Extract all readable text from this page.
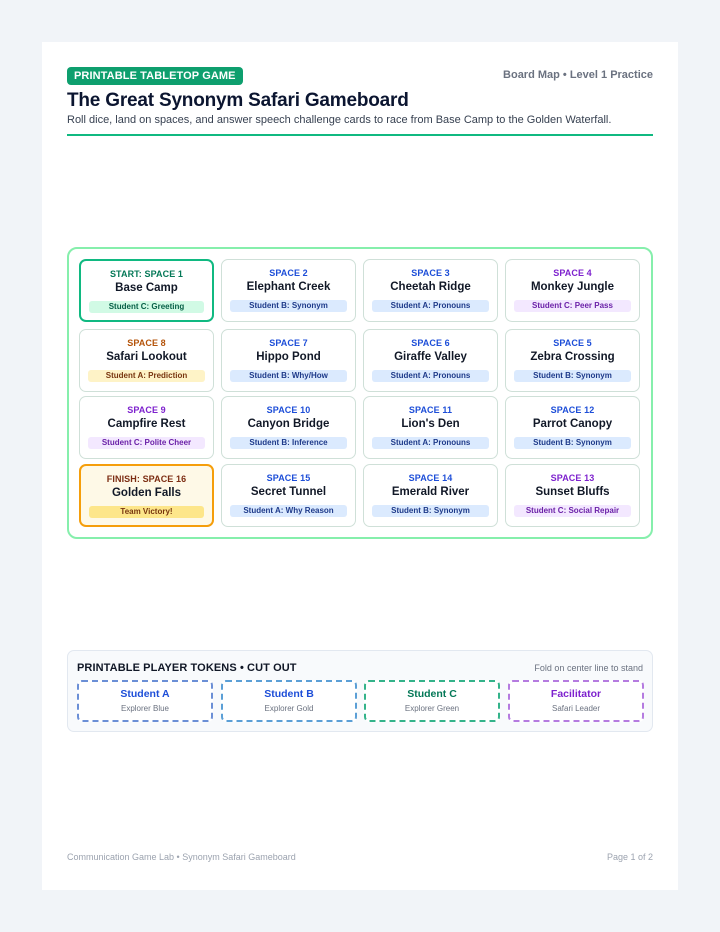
PRINTABLE TABLETOP GAME	Board Map • Level 1 Practice
The Great Synonym Safari Gameboard
Roll dice, land on spaces, and answer speech challenge cards to race from Base Camp to the Golden Waterfall.
START: SPACE 1
Base Camp
Student C: Greeting
SPACE 2
Elephant Creek
Student B: Synonym
SPACE 3
Cheetah Ridge
Student A: Pronouns
SPACE 4
Monkey Jungle
Student C: Peer Pass
SPACE 8
Safari Lookout
Student A: Prediction
SPACE 7
Hippo Pond
Student B: Why/How
SPACE 6
Giraffe Valley
Student A: Pronouns
SPACE 5
Zebra Crossing
Student B: Synonym
SPACE 9
Campfire Rest
Student C: Polite Cheer
SPACE 10
Canyon Bridge
Student B: Inference
SPACE 11
Lion's Den
Student A: Pronouns
SPACE 12
Parrot Canopy
Student B: Synonym
FINISH: SPACE 16
Golden Falls
Team Victory!
SPACE 15
Secret Tunnel
Student A: Why Reason
SPACE 14
Emerald River
Student B: Synonym
SPACE 13
Sunset Bluffs
Student C: Social Repair
PRINTABLE PLAYER TOKENS • CUT OUT	Fold on center line to stand
Student A
Explorer Blue
Student B
Explorer Gold
Student C
Explorer Green
Facilitator
Safari Leader
Communication Game Lab • Synonym Safari Gameboard	Page 1 of 2
